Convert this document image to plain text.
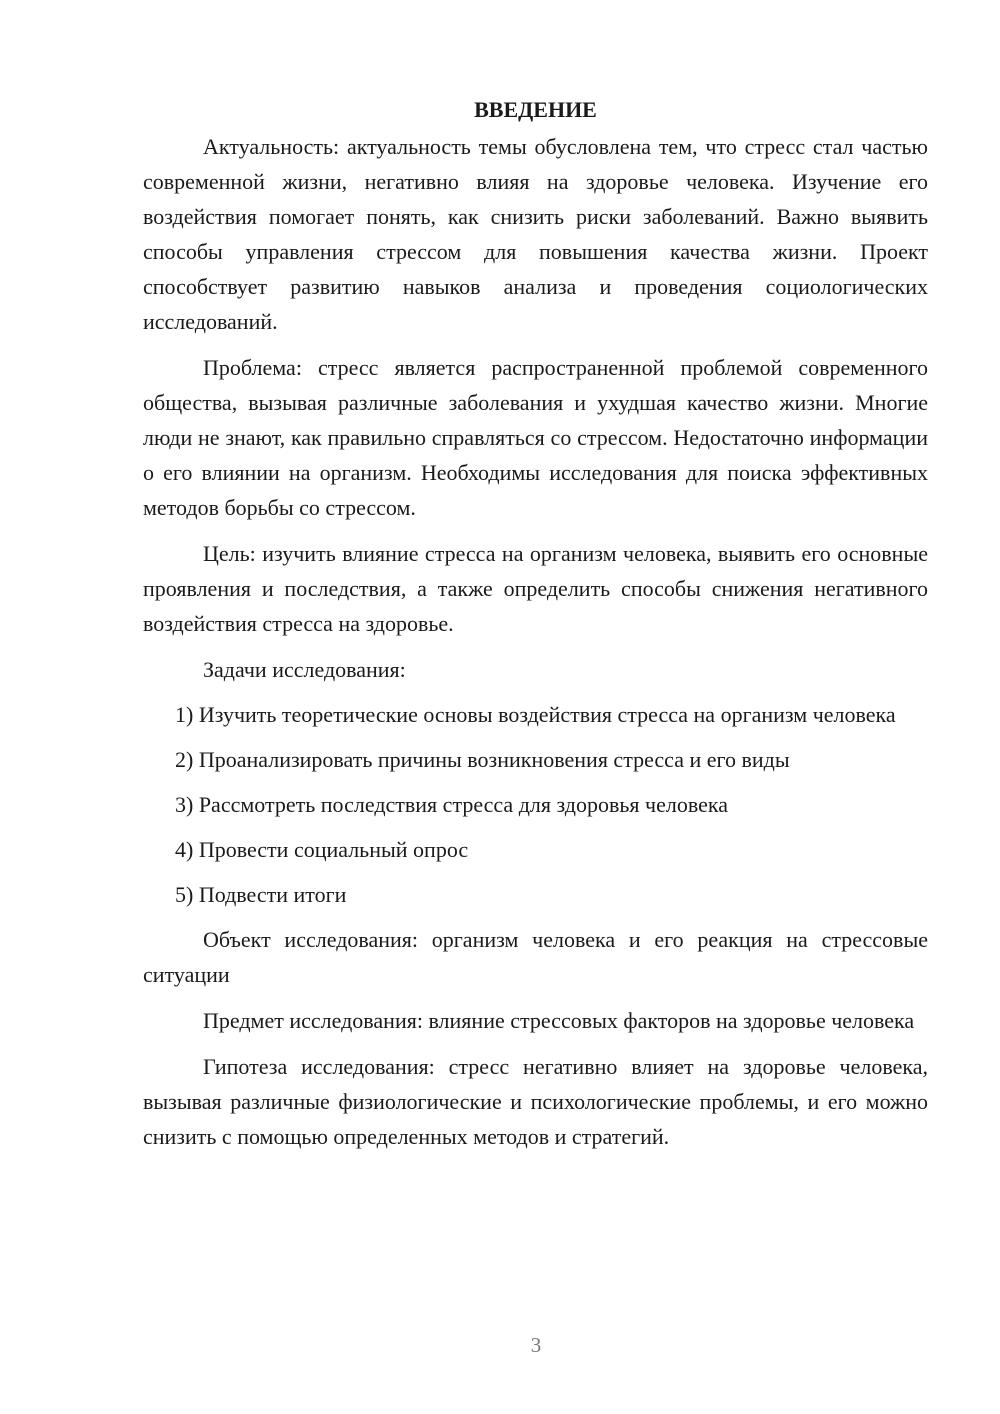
ВВЕДЕНИЕ

Актуальность: актуальность темы обусловлена тем, что стресс стал частью современной жизни, негативно влияя на здоровье человека. Изучение его воздействия помогает понять, как снизить риски заболеваний. Важно выявить способы управления стрессом для повышения качества жизни. Проект способствует развитию навыков анализа и проведения социологических исследований.

Проблема: стресс является распространенной проблемой современного общества, вызывая различные заболевания и ухудшая качество жизни. Многие люди не знают, как правильно справляться со стрессом. Недостаточно информации о его влиянии на организм. Необходимы исследования для поиска эффективных методов борьбы со стрессом.

Цель: изучить влияние стресса на организм человека, выявить его основные проявления и последствия, а также определить способы снижения негативного воздействия стресса на здоровье.

Задачи исследования:

1) Изучить теоретические основы воздействия стресса на организм человека
2) Проанализировать причины возникновения стресса и его виды
3) Рассмотреть последствия стресса для здоровья человека
4) Провести социальный опрос
5) Подвести итоги

Объект исследования: организм человека и его реакция на стрессовые ситуации

Предмет исследования: влияние стрессовых факторов на здоровье человека

Гипотеза исследования: стресс негативно влияет на здоровье человека, вызывая различные физиологические и психологические проблемы, и его можно снизить с помощью определенных методов и стратегий.

3
